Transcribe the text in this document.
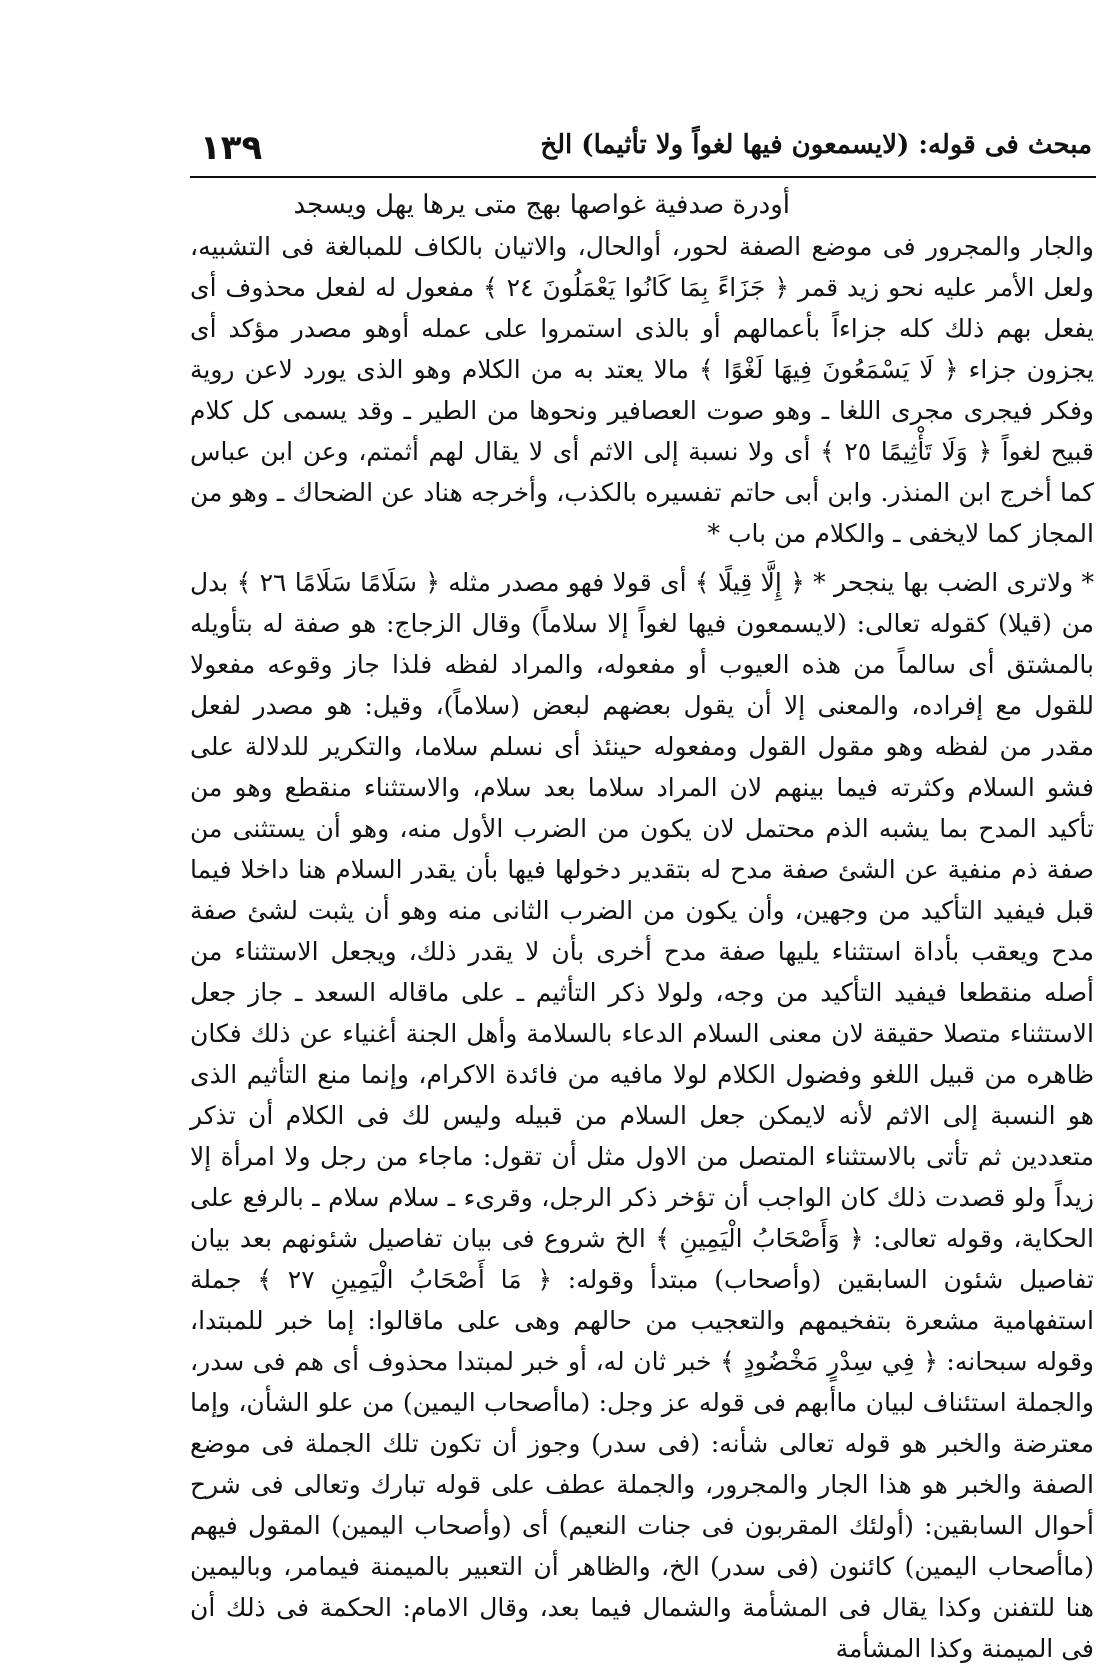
مبحث فى قوله: (لايسمعون فيها لغواً ولا تأثيما) الخ
١٣٩
أودرة صدفية غواصها بهج متى يرها يهل ويسجد

والجار والمجرور فى موضع الصفة لحور، أوالحال، والاتيان بالكاف للمبالغة فى التشبيه، ولعل الأمر عليه نحو زيد قمر ﴿ جَزَاءً بِمَا كَانُوا يَعْمَلُونَ ٢٤ ﴾ مفعول له لفعل محذوف أى يفعل بهم ذلك كله جزاءاً بأعمالهم أو بالذى استمروا على عمله أوهو مصدر مؤكد أى يجزون جزاء ﴿ لَا يَسْمَعُونَ فِيهَا لَغْوًا ﴾ مالا يعتد به من الكلام وهو الذى يورد لاعن روية وفكر فيجرى مجرى اللغا ـ وهو صوت العصافير ونحوها من الطير ـ وقد يسمى كل كلام قبيح لغواً ﴿ وَلَا تَأْثِيمًا ٢٥ ﴾ أى ولا نسبة إلى الاثم أى لا يقال لهم أثمتم، وعن ابن عباس كما أخرج ابن المنذر. وابن أبى حاتم تفسيره بالكذب، وأخرجه هناد عن الضحاك ـ وهو من المجاز كما لايخفى ـ والكلام من باب *

* ولاترى الضب بها ينجحر * ﴿ إِلَّا قِيلًا ﴾ أى قولا فهو مصدر مثله ﴿ سَلَامًا سَلَامًا ٢٦ ﴾ بدل من (قيلا) كقوله تعالى: (لايسمعون فيها لغواً إلا سلاماً) وقال الزجاج: هو صفة له بتأويله بالمشتق أى سالماً من هذه العيوب أو مفعوله، والمراد لفظه فلذا جاز وقوعه مفعولا للقول مع إفراده، والمعنى إلا أن يقول بعضهم لبعض (سلاماً)، وقيل: هو مصدر لفعل مقدر من لفظه وهو مقول القول ومفعوله حينئذ أى نسلم سلاما، والتكرير للدلالة على فشو السلام وكثرته فيما بينهم لان المراد سلاما بعد سلام، والاستثناء منقطع وهو من تأكيد المدح بما يشبه الذم محتمل لان يكون من الضرب الأول منه، وهو أن يستثنى من صفة ذم منفية عن الشئ صفة مدح له بتقدير دخولها فيها بأن يقدر السلام هنا داخلا فيما قبل فيفيد التأكيد من وجهين، وأن يكون من الضرب الثانى منه وهو أن يثبت لشئ صفة مدح ويعقب بأداة استثناء يليها صفة مدح أخرى بأن لا يقدر ذلك، ويجعل الاستثناء من أصله منقطعا فيفيد التأكيد من وجه، ولولا ذكر التأثيم ـ على ماقاله السعد ـ جاز جعل الاستثناء متصلا حقيقة لان معنى السلام الدعاء بالسلامة وأهل الجنة أغنياء عن ذلك فكان ظاهره من قبيل اللغو وفضول الكلام لولا مافيه من فائدة الاكرام، وإنما منع التأثيم الذى هو النسبة إلى الاثم لأنه لايمكن جعل السلام من قبيله وليس لك فى الكلام أن تذكر متعددين ثم تأتى بالاستثناء المتصل من الاول مثل أن تقول: ماجاء من رجل ولا امرأة إلا زيداً ولو قصدت ذلك كان الواجب أن تؤخر ذكر الرجل، وقرىء ـ سلام سلام ـ بالرفع على الحكاية، وقوله تعالى: ﴿ وَأَصْحَابُ الْيَمِينِ ﴾ الخ شروع فى بيان تفاصيل شئونهم بعد بيان تفاصيل شئون السابقين (وأصحاب) مبتدأ وقوله: ﴿ مَا أَصْحَابُ الْيَمِينِ ٢٧ ﴾ جملة استفهامية مشعرة بتفخيمهم والتعجيب من حالهم وهى على ماقالوا: إما خبر للمبتدا، وقوله سبحانه: ﴿ فِي سِدْرٍ مَخْضُودٍ ﴾ خبر ثان له، أو خبر لمبتدا محذوف أى هم فى سدر، والجملة استئناف لبيان ماأبهم فى قوله عز وجل: (ماأصحاب اليمين) من علو الشأن، وإما معترضة والخبر هو قوله تعالى شأنه: (فى سدر) وجوز أن تكون تلك الجملة فى موضع الصفة والخبر هو هذا الجار والمجرور، والجملة عطف على قوله تبارك وتعالى فى شرح أحوال السابقين: (أولئك المقربون فى جنات النعيم) أى (وأصحاب اليمين) المقول فيهم (ماأصحاب اليمين) كائنون (فى سدر) الخ، والظاهر أن التعبير بالميمنة فيمامر، وباليمين هنا للتفنن وكذا يقال فى المشأمة والشمال فيما بعد، وقال الامام: الحكمة فى ذلك أن فى الميمنة وكذا المشأمة
